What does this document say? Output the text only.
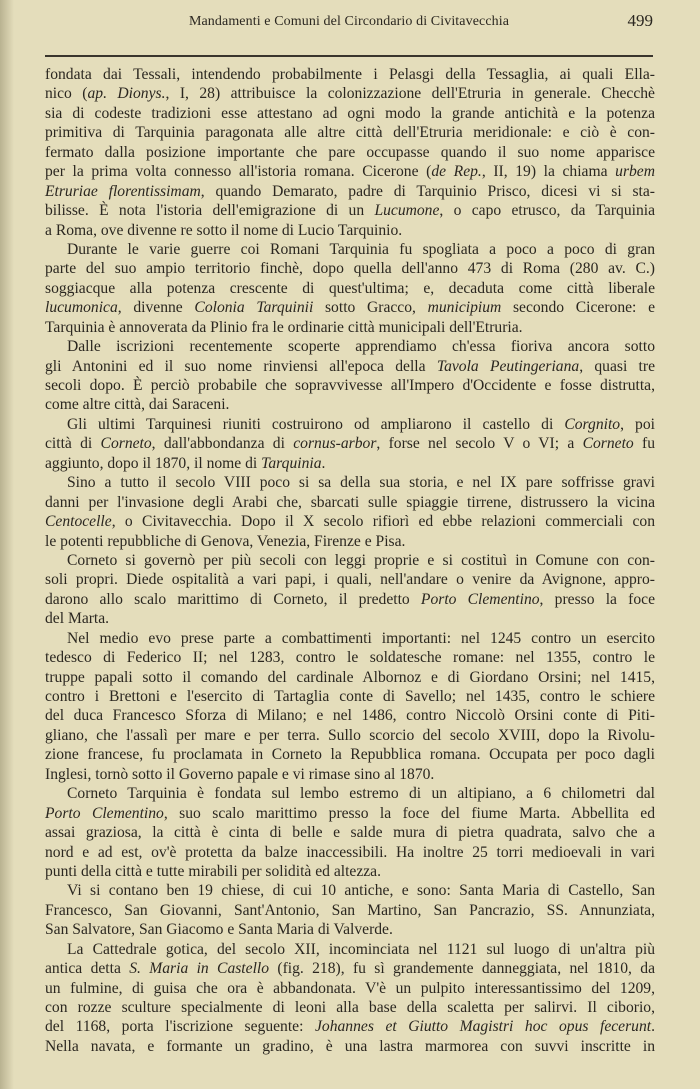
Mandamenti e Comuni del Circondario di Civitavecchia	499
fondata dai Tessali, intendendo probabilmente i Pelasgi della Tessaglia, ai quali Ella-
nico (ap. Dionys., I, 28) attribuisce la colonizzazione dell'Etruria in generale. Checchè
sia di codeste tradizioni esse attestano ad ogni modo la grande antichità e la potenza
primitiva di Tarquinia paragonata alle altre città dell'Etruria meridionale: e ciò è con-
fermato dalla posizione importante che pare occupasse quando il suo nome apparisce
per la prima volta connesso all'istoria romana. Cicerone (de Rep., II, 19) la chiama urbem
Etruriae florentissimam, quando Demarato, padre di Tarquinio Prisco, dicesi vi si sta-
bilisse. È nota l'istoria dell'emigrazione di un Lucumone, o capo etrusco, da Tarquinia
a Roma, ove divenne re sotto il nome di Lucio Tarquinio.
Durante le varie guerre coi Romani Tarquinia fu spogliata a poco a poco di gran
parte del suo ampio territorio finchè, dopo quella dell'anno 473 di Roma (280 av. C.)
soggiacque alla potenza crescente di quest'ultima; e, decaduta come città liberale
lucumonica, divenne Colonia Tarquinii sotto Gracco, municipium secondo Cicerone: e
Tarquinia è annoverata da Plinio fra le ordinarie città municipali dell'Etruria.
Dalle iscrizioni recentemente scoperte apprendiamo ch'essa fioriva ancora sotto
gli Antonini ed il suo nome rinviensi all'epoca della Tavola Peutingeriana, quasi tre
secoli dopo. È perciò probabile che sopravvivesse all'Impero d'Occidente e fosse distrutta,
come altre città, dai Saraceni.
Gli ultimi Tarquinesi riuniti costruirono od ampliarono il castello di Corgnito, poi
città di Corneto, dall'abbondanza di cornus-arbor, forse nel secolo V o VI; a Corneto fu
aggiunto, dopo il 1870, il nome di Tarquinia.
Sino a tutto il secolo VIII poco si sa della sua storia, e nel IX pare soffrisse gravi
danni per l'invasione degli Arabi che, sbarcati sulle spiaggie tirrene, distrussero la vicina
Centocelle, o Civitavecchia. Dopo il X secolo rifiorì ed ebbe relazioni commerciali con
le potenti repubbliche di Genova, Venezia, Firenze e Pisa.
Corneto si governò per più secoli con leggi proprie e si costituì in Comune con con-
soli propri. Diede ospitalità a vari papi, i quali, nell'andare o venire da Avignone, appro-
darono allo scalo marittimo di Corneto, il predetto Porto Clementino, presso la foce
del Marta.
Nel medio evo prese parte a combattimenti importanti: nel 1245 contro un esercito
tedesco di Federico II; nel 1283, contro le soldatesche romane: nel 1355, contro le
truppe papali sotto il comando del cardinale Albornoz e di Giordano Orsini; nel 1415,
contro i Brettoni e l'esercito di Tartaglia conte di Savello; nel 1435, contro le schiere
del duca Francesco Sforza di Milano; e nel 1486, contro Niccolò Orsini conte di Piti-
gliano, che l'assalì per mare e per terra. Sullo scorcio del secolo XVIII, dopo la Rivolu-
zione francese, fu proclamata in Corneto la Repubblica romana. Occupata per poco dagli
Inglesi, tornò sotto il Governo papale e vi rimase sino al 1870.
Corneto Tarquinia è fondata sul lembo estremo di un altipiano, a 6 chilometri dal
Porto Clementino, suo scalo marittimo presso la foce del fiume Marta. Abbellita ed
assai graziosa, la città è cinta di belle e salde mura di pietra quadrata, salvo che a
nord e ad est, ov'è protetta da balze inaccessibili. Ha inoltre 25 torri medioevali in vari
punti della città e tutte mirabili per solidità ed altezza.
Vi si contano ben 19 chiese, di cui 10 antiche, e sono: Santa Maria di Castello, San
Francesco, San Giovanni, Sant'Antonio, San Martino, San Pancrazio, SS. Annunziata,
San Salvatore, San Giacomo e Santa Maria di Valverde.
La Cattedrale gotica, del secolo XII, incominciata nel 1121 sul luogo di un'altra più
antica detta S. Maria in Castello (fig. 218), fu sì grandemente danneggiata, nel 1810, da
un fulmine, di guisa che ora è abbandonata. V'è un pulpito interessantissimo del 1209,
con rozze sculture specialmente di leoni alla base della scaletta per salirvi. Il ciborio,
del 1168, porta l'iscrizione seguente: Johannes et Giutto Magistri hoc opus fecerunt.
Nella navata, e formante un gradino, è una lastra marmorea con suvvi inscritte in
